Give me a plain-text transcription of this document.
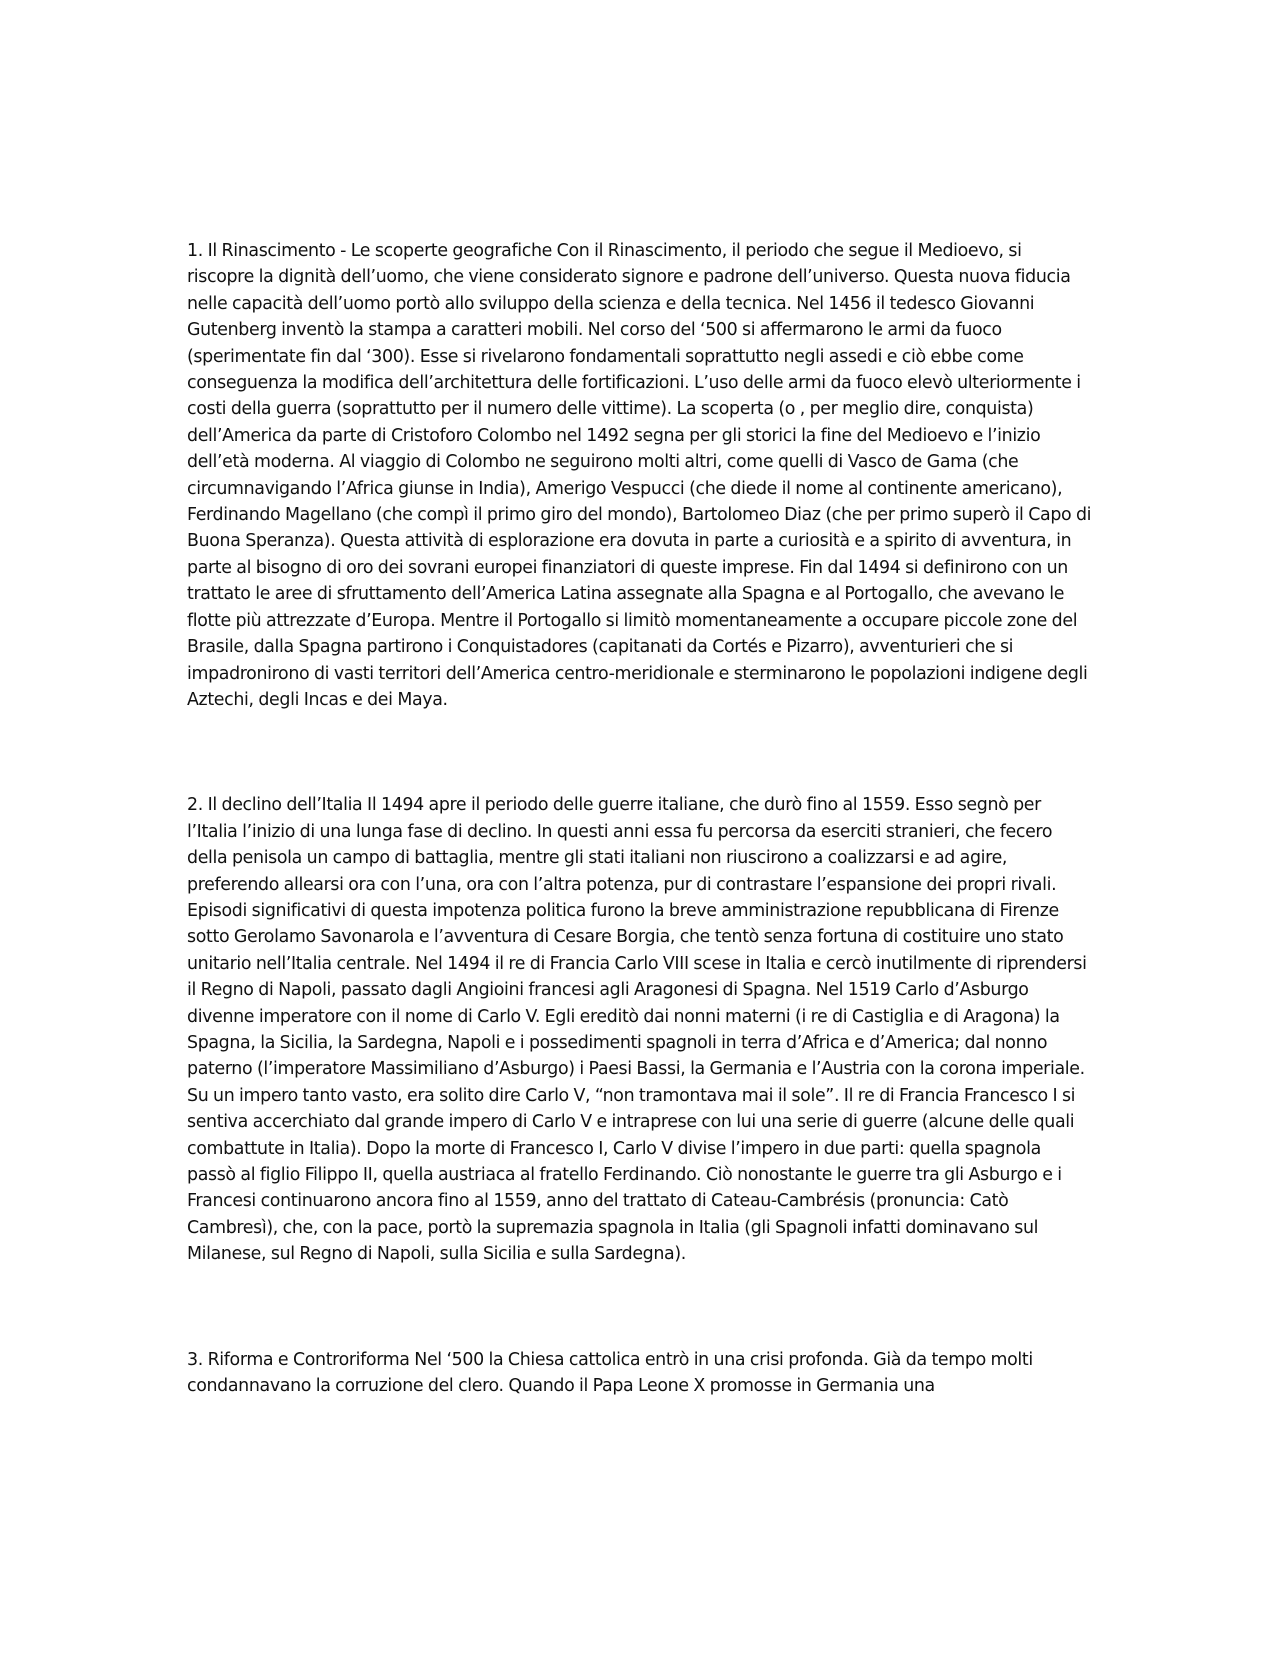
1. Il Rinascimento - Le scoperte geografiche Con il Rinascimento, il periodo che segue il Medioevo, si riscopre la dignità dell’uomo, che viene considerato signore e padrone dell’universo. Questa nuova fiducia nelle capacità dell’uomo portò allo sviluppo della scienza e della tecnica. Nel 1456 il tedesco Giovanni Gutenberg inventò la stampa a caratteri mobili. Nel corso del ‘500 si affermarono le armi da fuoco (sperimentate fin dal ‘300). Esse si rivelarono fondamentali soprattutto negli assedi e ciò ebbe come conseguenza la modifica dell’architettura delle fortificazioni. L’uso delle armi da fuoco elevò ulteriormente i costi della guerra (soprattutto per il numero delle vittime). La scoperta (o , per meglio dire, conquista) dell’America da parte di Cristoforo Colombo nel 1492 segna per gli storici la fine del Medioevo e l’inizio dell’età moderna. Al viaggio di Colombo ne seguirono molti altri, come quelli di Vasco de Gama (che circumnavigando l’Africa giunse in India), Amerigo Vespucci (che diede il nome al continente americano), Ferdinando Magellano (che compì il primo giro del mondo), Bartolomeo Diaz (che per primo superò il Capo di Buona Speranza). Questa attività di esplorazione era dovuta in parte a curiosità e a spirito di avventura, in parte al bisogno di oro dei sovrani europei finanziatori di queste imprese. Fin dal 1494 si definirono con un trattato le aree di sfruttamento dell’America Latina assegnate alla Spagna e al Portogallo, che avevano le flotte più attrezzate d’Europa. Mentre il Portogallo si limitò momentaneamente a occupare piccole zone del Brasile, dalla Spagna partirono i Conquistadores (capitanati da Cortés e Pizarro), avventurieri che si impadronirono di vasti territori dell’America centro-meridionale e sterminarono le popolazioni indigene degli Aztechi, degli Incas e dei Maya.

2. Il declino dell’Italia Il 1494 apre il periodo delle guerre italiane, che durò fino al 1559. Esso segnò per l’Italia l’inizio di una lunga fase di declino. In questi anni essa fu percorsa da eserciti stranieri, che fecero della penisola un campo di battaglia, mentre gli stati italiani non riuscirono a coalizzarsi e ad agire, preferendo allearsi ora con l’una, ora con l’altra potenza, pur di contrastare l’espansione dei propri rivali. Episodi significativi di questa impotenza politica furono la breve amministrazione repubblicana di Firenze sotto Gerolamo Savonarola e l’avventura di Cesare Borgia, che tentò senza fortuna di costituire uno stato unitario nell’Italia centrale. Nel 1494 il re di Francia Carlo VIII scese in Italia e cercò inutilmente di riprendersi il Regno di Napoli, passato dagli Angioini francesi agli Aragonesi di Spagna. Nel 1519 Carlo d’Asburgo divenne imperatore con il nome di Carlo V. Egli ereditò dai nonni materni (i re di Castiglia e di Aragona) la Spagna, la Sicilia, la Sardegna, Napoli e i possedimenti spagnoli in terra d’Africa e d’America; dal nonno paterno (l’imperatore Massimiliano d’Asburgo) i Paesi Bassi, la Germania e l’Austria con la corona imperiale. Su un impero tanto vasto, era solito dire Carlo V, “non tramontava mai il sole”. Il re di Francia Francesco I si sentiva accerchiato dal grande impero di Carlo V e intraprese con lui una serie di guerre (alcune delle quali combattute in Italia). Dopo la morte di Francesco I, Carlo V divise l’impero in due parti: quella spagnola passò al figlio Filippo II, quella austriaca al fratello Ferdinando. Ciò nonostante le guerre tra gli Asburgo e i Francesi continuarono ancora fino al 1559, anno del trattato di Cateau-Cambrésis (pronuncia: Catò Cambresì), che, con la pace, portò la supremazia spagnola in Italia (gli Spagnoli infatti dominavano sul Milanese, sul Regno di Napoli, sulla Sicilia e sulla Sardegna).

3. Riforma e Controriforma Nel ‘500 la Chiesa cattolica entrò in una crisi profonda. Già da tempo molti condannavano la corruzione del clero. Quando il Papa Leone X promosse in Germania una
